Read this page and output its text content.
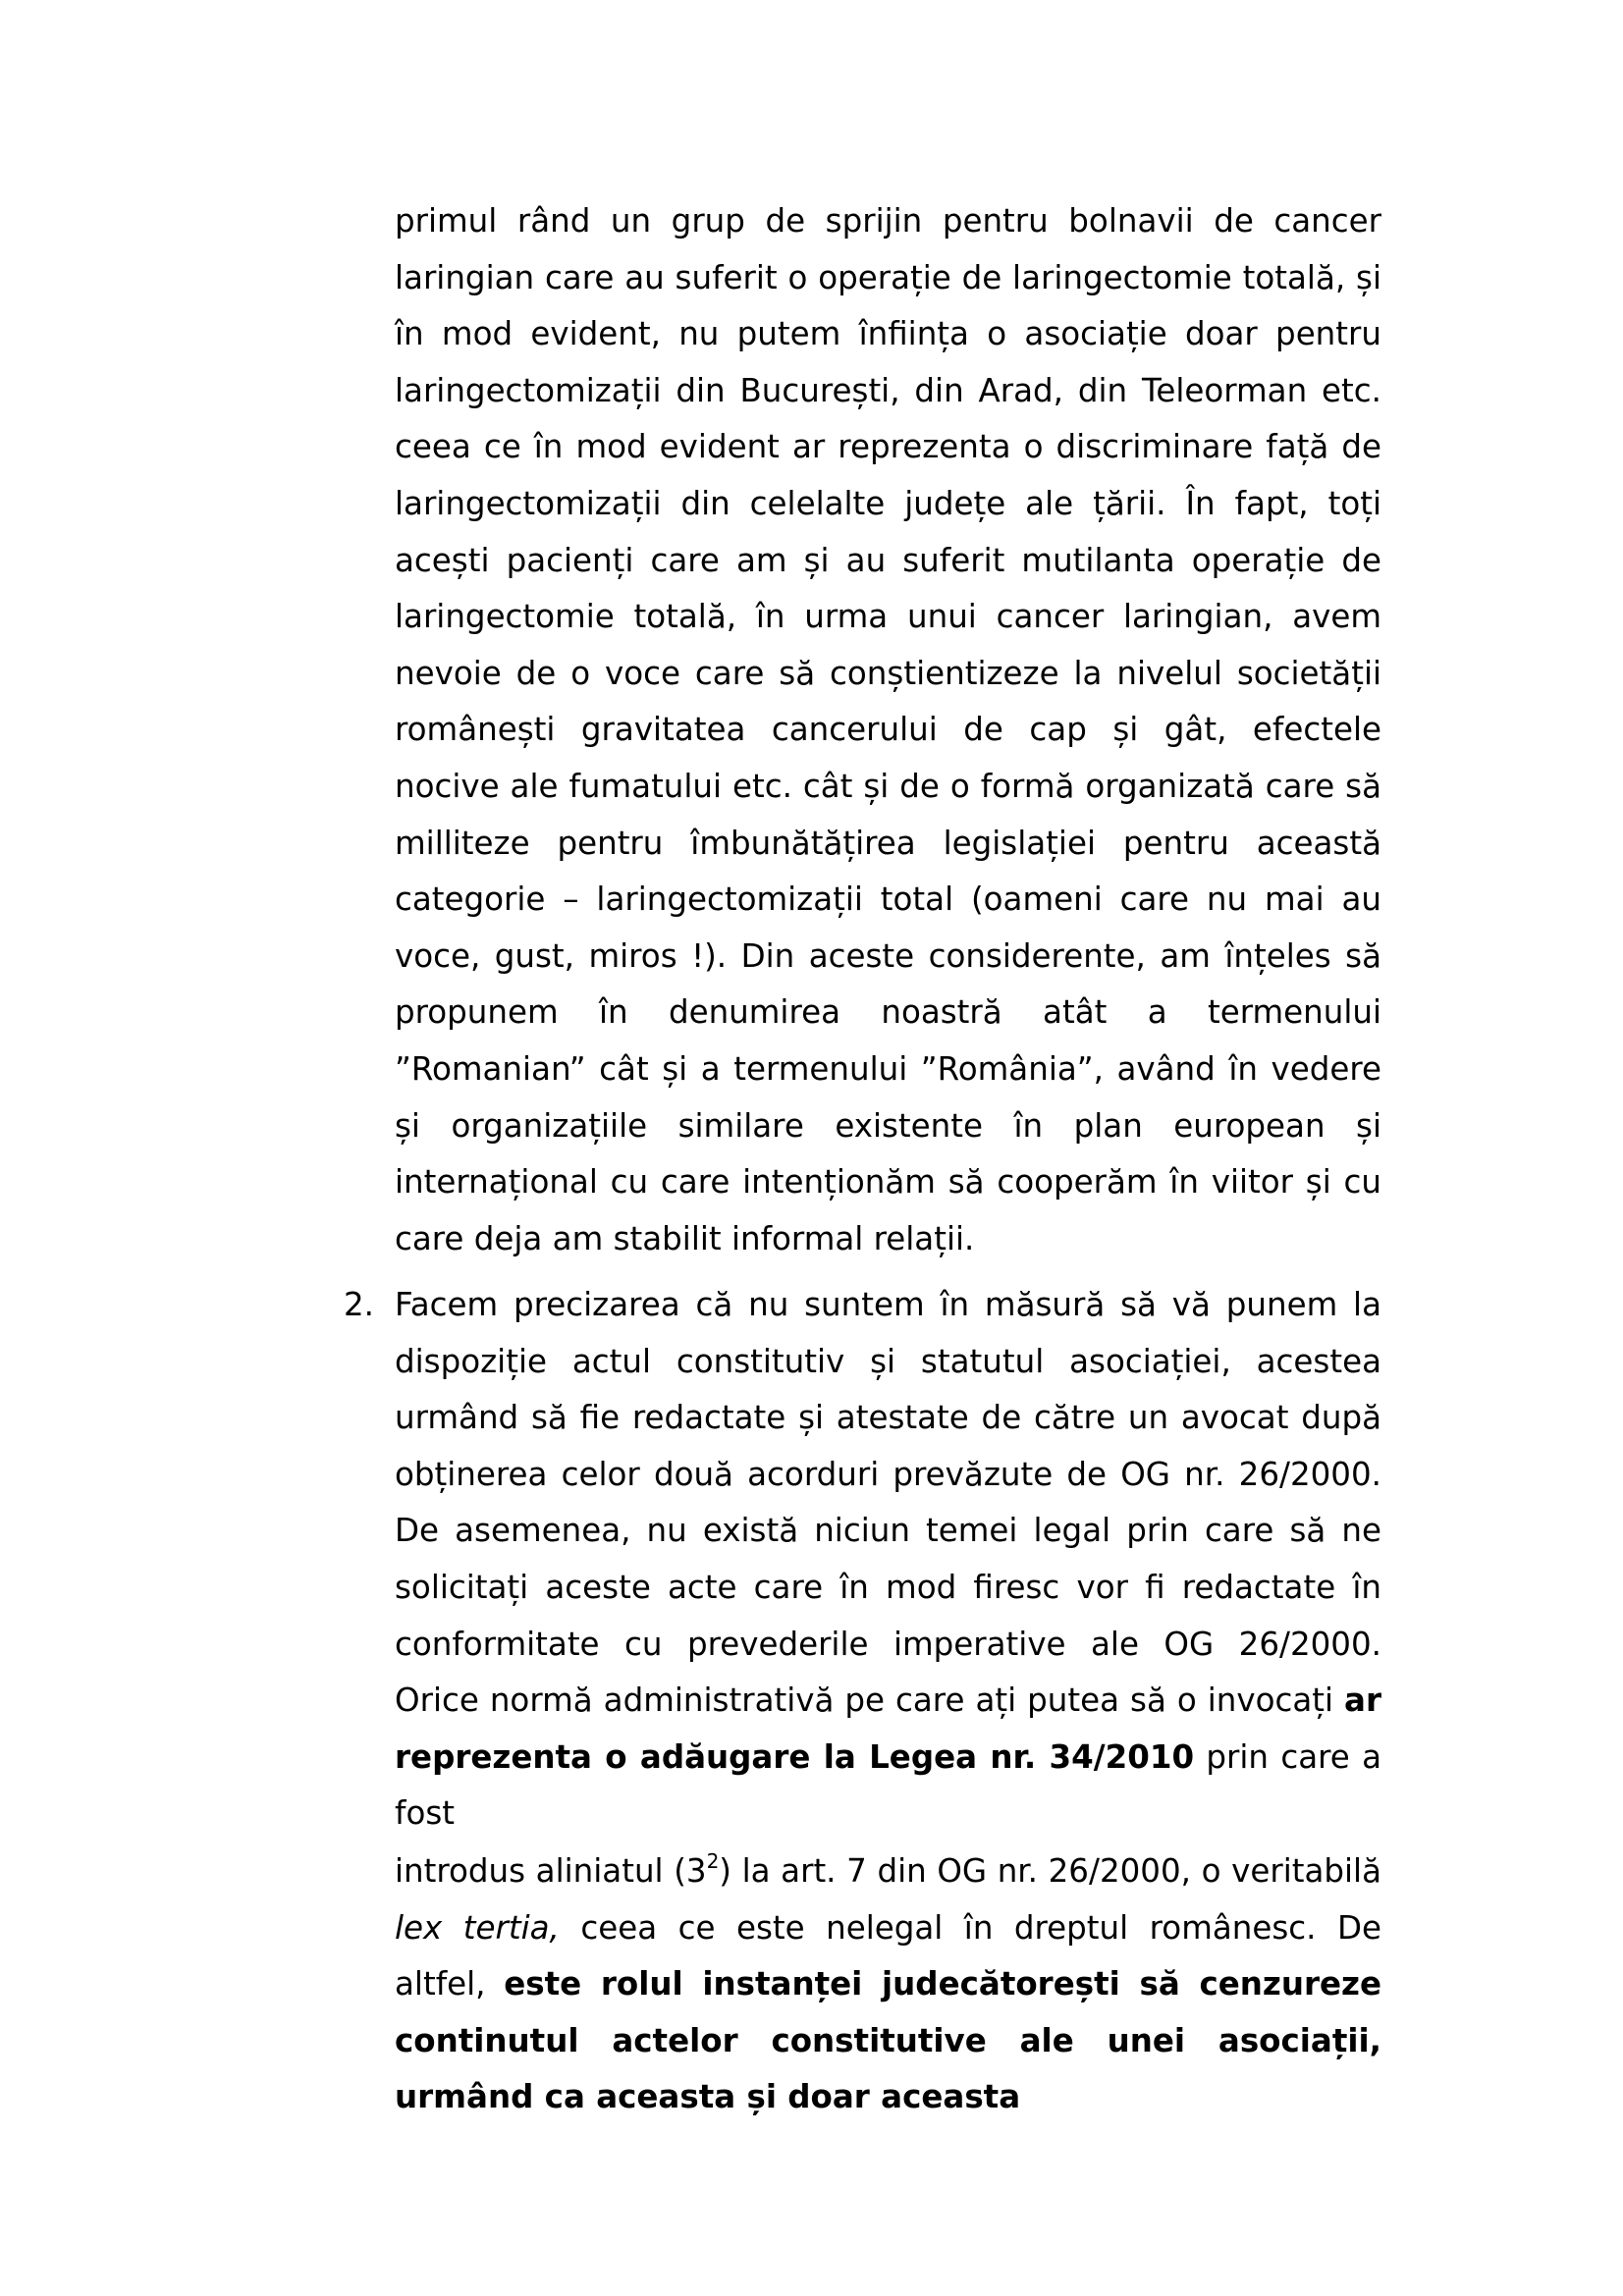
primul rând un grup de sprijin pentru bolnavii de cancer laringian care au suferit o operație de laringectomie totală, și în mod evident, nu putem înființa o asociație doar pentru laringectomizații din București, din Arad, din Teleorman etc. ceea ce în mod evident ar reprezenta o discriminare față de laringectomizații din celelalte județe ale țării. În fapt, toți acești pacienți care am și au suferit mutilanta operație de laringectomie totală, în urma unui cancer laringian, avem nevoie de o voce care să conștientizeze la nivelul societății românești gravitatea cancerului de cap și gât, efectele nocive ale fumatului etc. cât și de o formă organizată care să milliteze pentru îmbunătățirea legislației pentru această categorie – laringectomizații total (oameni care nu mai au voce, gust, miros !). Din aceste considerente, am înțeles să propunem în denumirea noastră atât a termenului ”Romanian” cât și a termenului ”România”, având în vedere și organizațiile similare existente în plan european și internațional cu care intenționăm să cooperăm în viitor și cu care deja am stabilit informal relații.
2. Facem precizarea că nu suntem în măsură să vă punem la dispoziție actul constitutiv și statutul asociației, acestea urmând să fie redactate și atestate de către un avocat după obținerea celor două acorduri prevăzute de OG nr. 26/2000. De asemenea, nu există niciun temei legal prin care să ne solicitați aceste acte care în mod firesc vor fi redactate în conformitate cu prevederile imperative ale OG 26/2000. Orice normă administrativă pe care ați putea să o invocați ar reprezenta o adăugare la Legea nr. 34/2010 prin care a fost
introdus aliniatul $(3^2)$ la art. 7 din OG nr. 26/2000, o veritabilă lex tertia, ceea ce este nelegal în dreptul românesc. De altfel, este rolul instanței judecătorești să cenzureze continutul actelor constitutive ale unei asociații, urmând ca aceasta și doar aceasta
